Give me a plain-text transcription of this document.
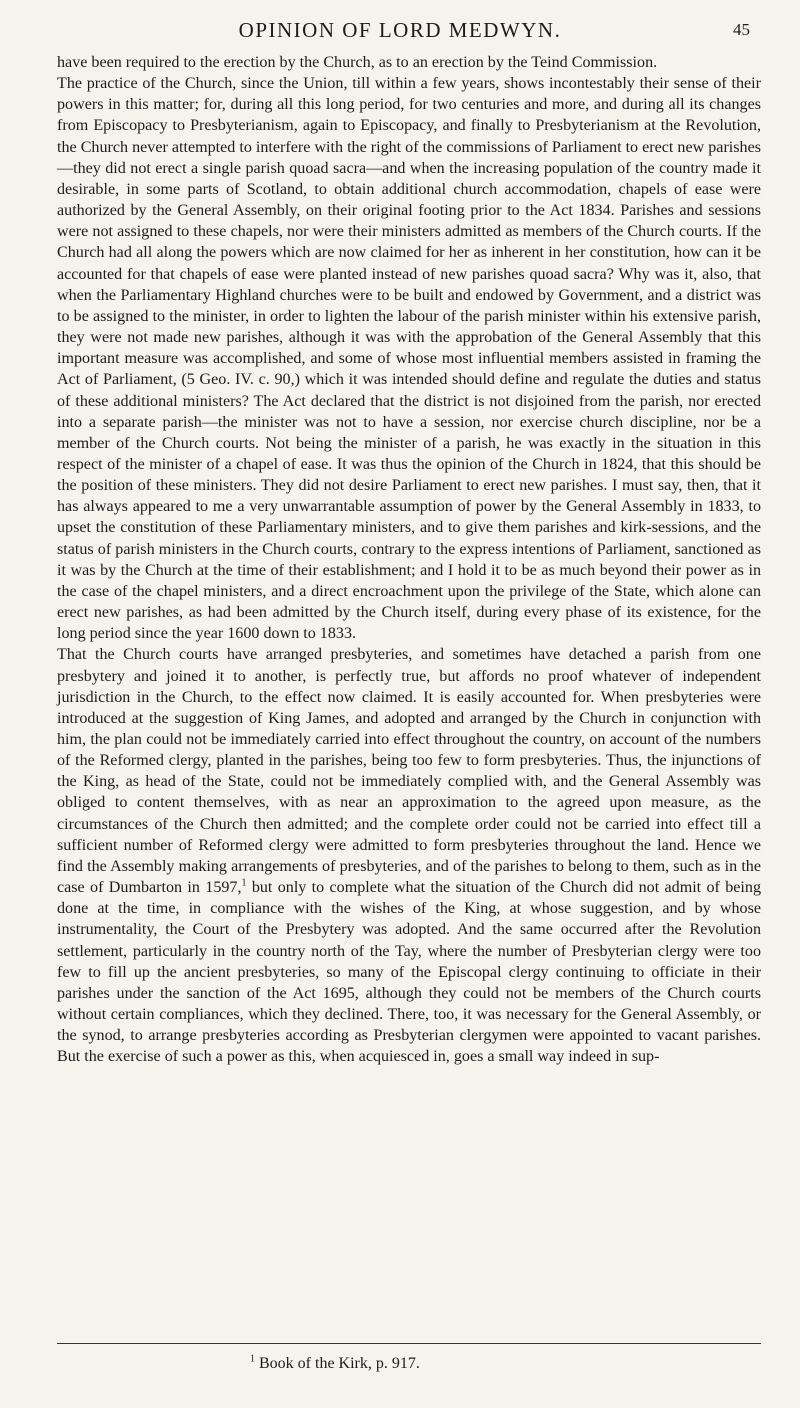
OPINION OF LORD MEDWYN.	45

have been required to the erection by the Church, as to an erection by the Teind Commission.

The practice of the Church, since the Union, till within a few years, shows incontestably their sense of their powers in this matter; for, during all this long period, for two centuries and more, and during all its changes from Episcopacy to Presbyterianism, again to Episcopacy, and finally to Presbyterianism at the Revolution, the Church never attempted to interfere with the right of the commissions of Parliament to erect new parishes—they did not erect a single parish quoad sacra—and when the increasing population of the country made it desirable, in some parts of Scotland, to obtain additional church accommodation, chapels of ease were authorized by the General Assembly, on their original footing prior to the Act 1834. Parishes and sessions were not assigned to these chapels, nor were their ministers admitted as members of the Church courts. If the Church had all along the powers which are now claimed for her as inherent in her constitution, how can it be accounted for that chapels of ease were planted instead of new parishes quoad sacra? Why was it, also, that when the Parliamentary Highland churches were to be built and endowed by Government, and a district was to be assigned to the minister, in order to lighten the labour of the parish minister within his extensive parish, they were not made new parishes, although it was with the approbation of the General Assembly that this important measure was accomplished, and some of whose most influential members assisted in framing the Act of Parliament, (5 Geo. IV. c. 90,) which it was intended should define and regulate the duties and status of these additional ministers? The Act declared that the district is not disjoined from the parish, nor erected into a separate parish—the minister was not to have a session, nor exercise church discipline, nor be a member of the Church courts. Not being the minister of a parish, he was exactly in the situation in this respect of the minister of a chapel of ease. It was thus the opinion of the Church in 1824, that this should be the position of these ministers. They did not desire Parliament to erect new parishes. I must say, then, that it has always appeared to me a very unwarrantable assumption of power by the General Assembly in 1833, to upset the constitution of these Parliamentary ministers, and to give them parishes and kirk-sessions, and the status of parish ministers in the Church courts, contrary to the express intentions of Parliament, sanctioned as it was by the Church at the time of their establishment; and I hold it to be as much beyond their power as in the case of the chapel ministers, and a direct encroachment upon the privilege of the State, which alone can erect new parishes, as had been admitted by the Church itself, during every phase of its existence, for the long period since the year 1600 down to 1833.

That the Church courts have arranged presbyteries, and sometimes have detached a parish from one presbytery and joined it to another, is perfectly true, but affords no proof whatever of independent jurisdiction in the Church, to the effect now claimed. It is easily accounted for. When presbyteries were introduced at the suggestion of King James, and adopted and arranged by the Church in conjunction with him, the plan could not be immediately carried into effect throughout the country, on account of the numbers of the Reformed clergy, planted in the parishes, being too few to form presbyteries. Thus, the injunctions of the King, as head of the State, could not be immediately complied with, and the General Assembly was obliged to content themselves, with as near an approximation to the agreed upon measure, as the circumstances of the Church then admitted; and the complete order could not be carried into effect till a sufficient number of Reformed clergy were admitted to form presbyteries throughout the land. Hence we find the Assembly making arrangements of presbyteries, and of the parishes to belong to them, such as in the case of Dumbarton in 1597,$^1$ but only to complete what the situation of the Church did not admit of being done at the time, in compliance with the wishes of the King, at whose suggestion, and by whose instrumentality, the Court of the Presbytery was adopted. And the same occurred after the Revolution settlement, particularly in the country north of the Tay, where the number of Presbyterian clergy were too few to fill up the ancient presbyteries, so many of the Episcopal clergy continuing to officiate in their parishes under the sanction of the Act 1695, although they could not be members of the Church courts without certain compliances, which they declined. There, too, it was necessary for the General Assembly, or the synod, to arrange presbyteries according as Presbyterian clergymen were appointed to vacant parishes. But the exercise of such a power as this, when acquiesced in, goes a small way indeed in sup-

$^1$ Book of the Kirk, p. 917.
